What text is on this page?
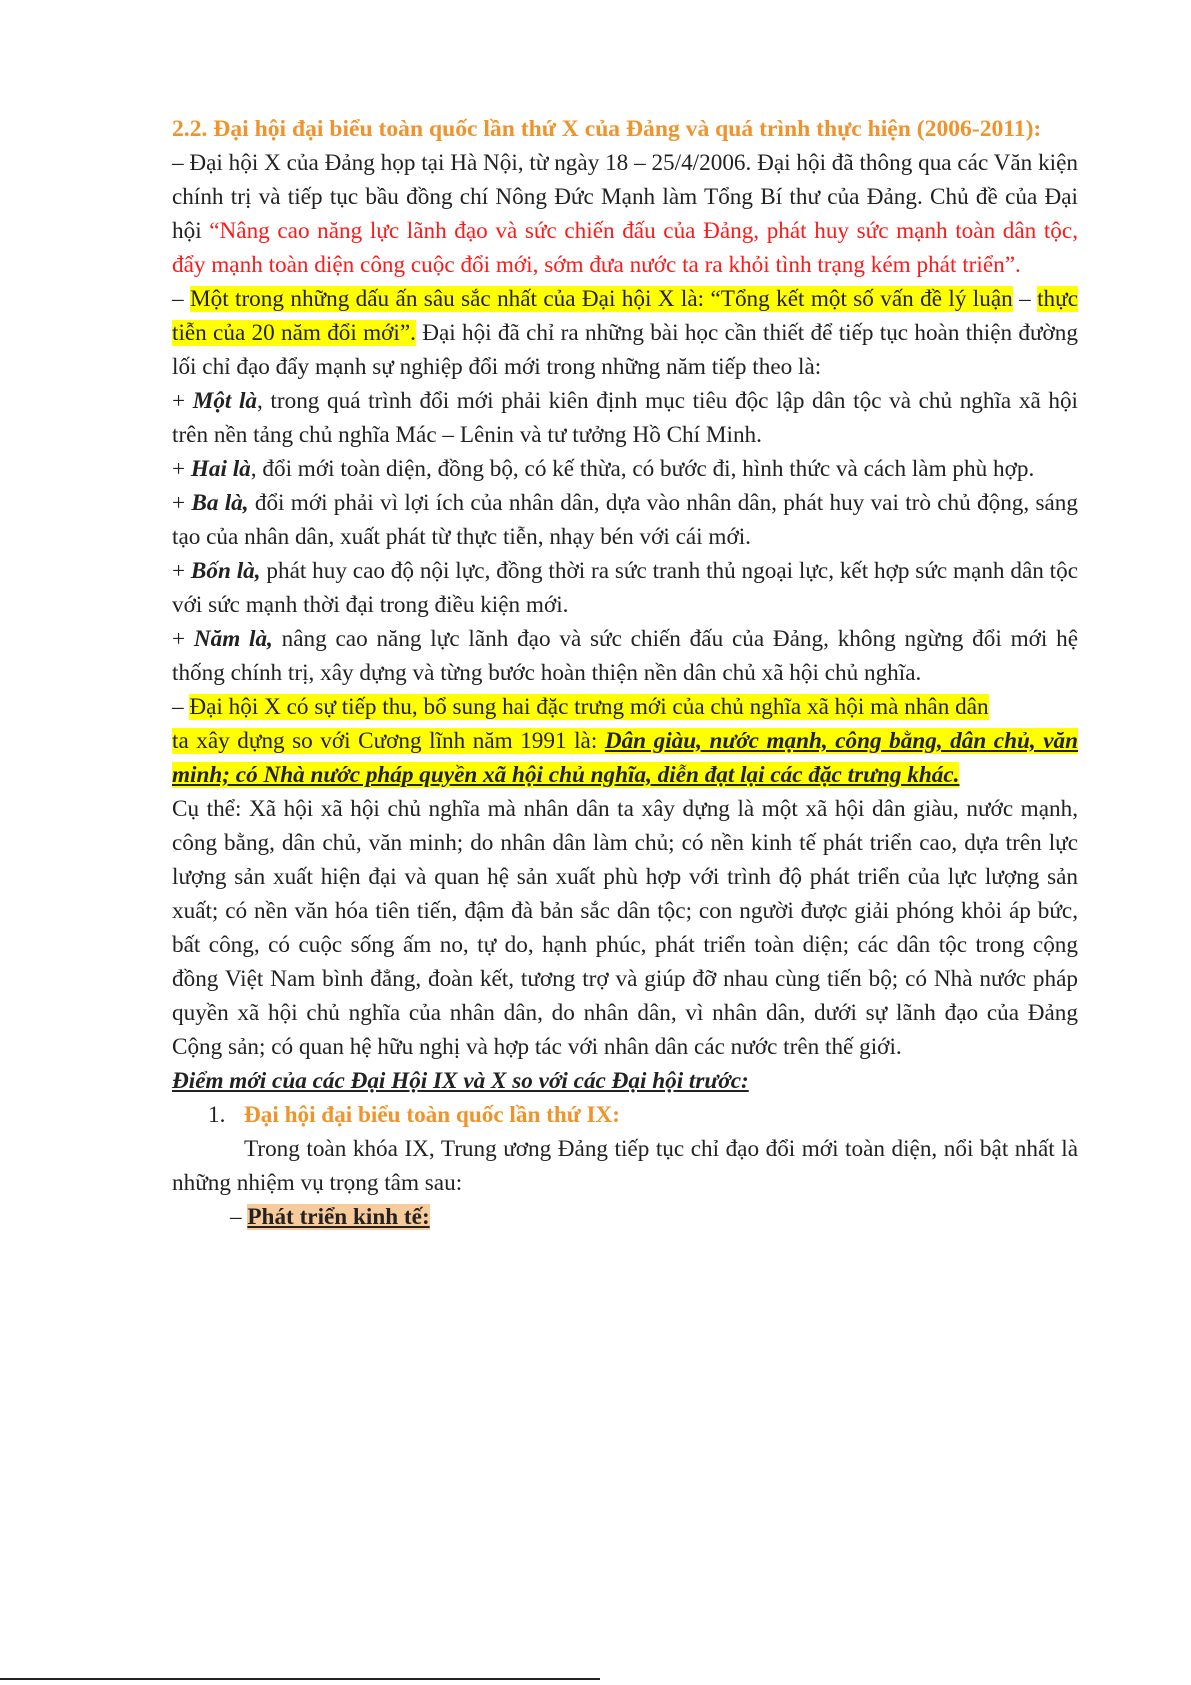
2.2. Đại hội đại biểu toàn quốc lần thứ X của Đảng và quá trình thực hiện (2006-2011):

– Đại hội X của Đảng họp tại Hà Nội, từ ngày 18 – 25/4/2006. Đại hội đã thông qua các Văn kiện chính trị và tiếp tục bầu đồng chí Nông Đức Mạnh làm Tổng Bí thư của Đảng. Chủ đề của Đại hội “Nâng cao năng lực lãnh đạo và sức chiến đấu của Đảng, phát huy sức mạnh toàn dân tộc, đẩy mạnh toàn diện công cuộc đổi mới, sớm đưa nước ta ra khỏi tình trạng kém phát triển”.

– Một trong những dấu ấn sâu sắc nhất của Đại hội X là: “Tổng kết một số vấn đề lý luận – thực tiễn của 20 năm đổi mới”. Đại hội đã chỉ ra những bài học cần thiết để tiếp tục hoàn thiện đường lối chỉ đạo đẩy mạnh sự nghiệp đổi mới trong những năm tiếp theo là:

+ Một là, trong quá trình đổi mới phải kiên định mục tiêu độc lập dân tộc và chủ nghĩa xã hội trên nền tảng chủ nghĩa Mác – Lênin và tư tưởng Hồ Chí Minh.

+ Hai là, đổi mới toàn diện, đồng bộ, có kế thừa, có bước đi, hình thức và cách làm phù hợp.

+ Ba là, đổi mới phải vì lợi ích của nhân dân, dựa vào nhân dân, phát huy vai trò chủ động, sáng tạo của nhân dân, xuất phát từ thực tiễn, nhạy bén với cái mới.

+ Bốn là, phát huy cao độ nội lực, đồng thời ra sức tranh thủ ngoại lực, kết hợp sức mạnh dân tộc với sức mạnh thời đại trong điều kiện mới.

+ Năm là, nâng cao năng lực lãnh đạo và sức chiến đấu của Đảng, không ngừng đổi mới hệ thống chính trị, xây dựng và từng bước hoàn thiện nền dân chủ xã hội chủ nghĩa.

– Đại hội X có sự tiếp thu, bổ sung hai đặc trưng mới của chủ nghĩa xã hội mà nhân dân

ta xây dựng so với Cương lĩnh năm 1991 là: Dân giàu, nước mạnh, công bằng, dân chủ, văn minh; có Nhà nước pháp quyền xã hội chủ nghĩa, diễn đạt lại các đặc trưng khác.

Cụ thể: Xã hội xã hội chủ nghĩa mà nhân dân ta xây dựng là một xã hội dân giàu, nước mạnh, công bằng, dân chủ, văn minh; do nhân dân làm chủ; có nền kinh tế phát triển cao, dựa trên lực lượng sản xuất hiện đại và quan hệ sản xuất phù hợp với trình độ phát triển của lực lượng sản xuất; có nền văn hóa tiên tiến, đậm đà bản sắc dân tộc; con người được giải phóng khỏi áp bức, bất công, có cuộc sống ấm no, tự do, hạnh phúc, phát triển toàn diện; các dân tộc trong cộng đồng Việt Nam bình đẳng, đoàn kết, tương trợ và giúp đỡ nhau cùng tiến bộ; có Nhà nước pháp quyền xã hội chủ nghĩa của nhân dân, do nhân dân, vì nhân dân, dưới sự lãnh đạo của Đảng Cộng sản; có quan hệ hữu nghị và hợp tác với nhân dân các nước trên thế giới.

Điểm mới của các Đại Hội IX và X so với các Đại hội trước:

1. Đại hội đại biểu toàn quốc lần thứ IX:

Trong toàn khóa IX, Trung ương Đảng tiếp tục chỉ đạo đổi mới toàn diện, nổi bật nhất là những nhiệm vụ trọng tâm sau:

– Phát triển kinh tế:
